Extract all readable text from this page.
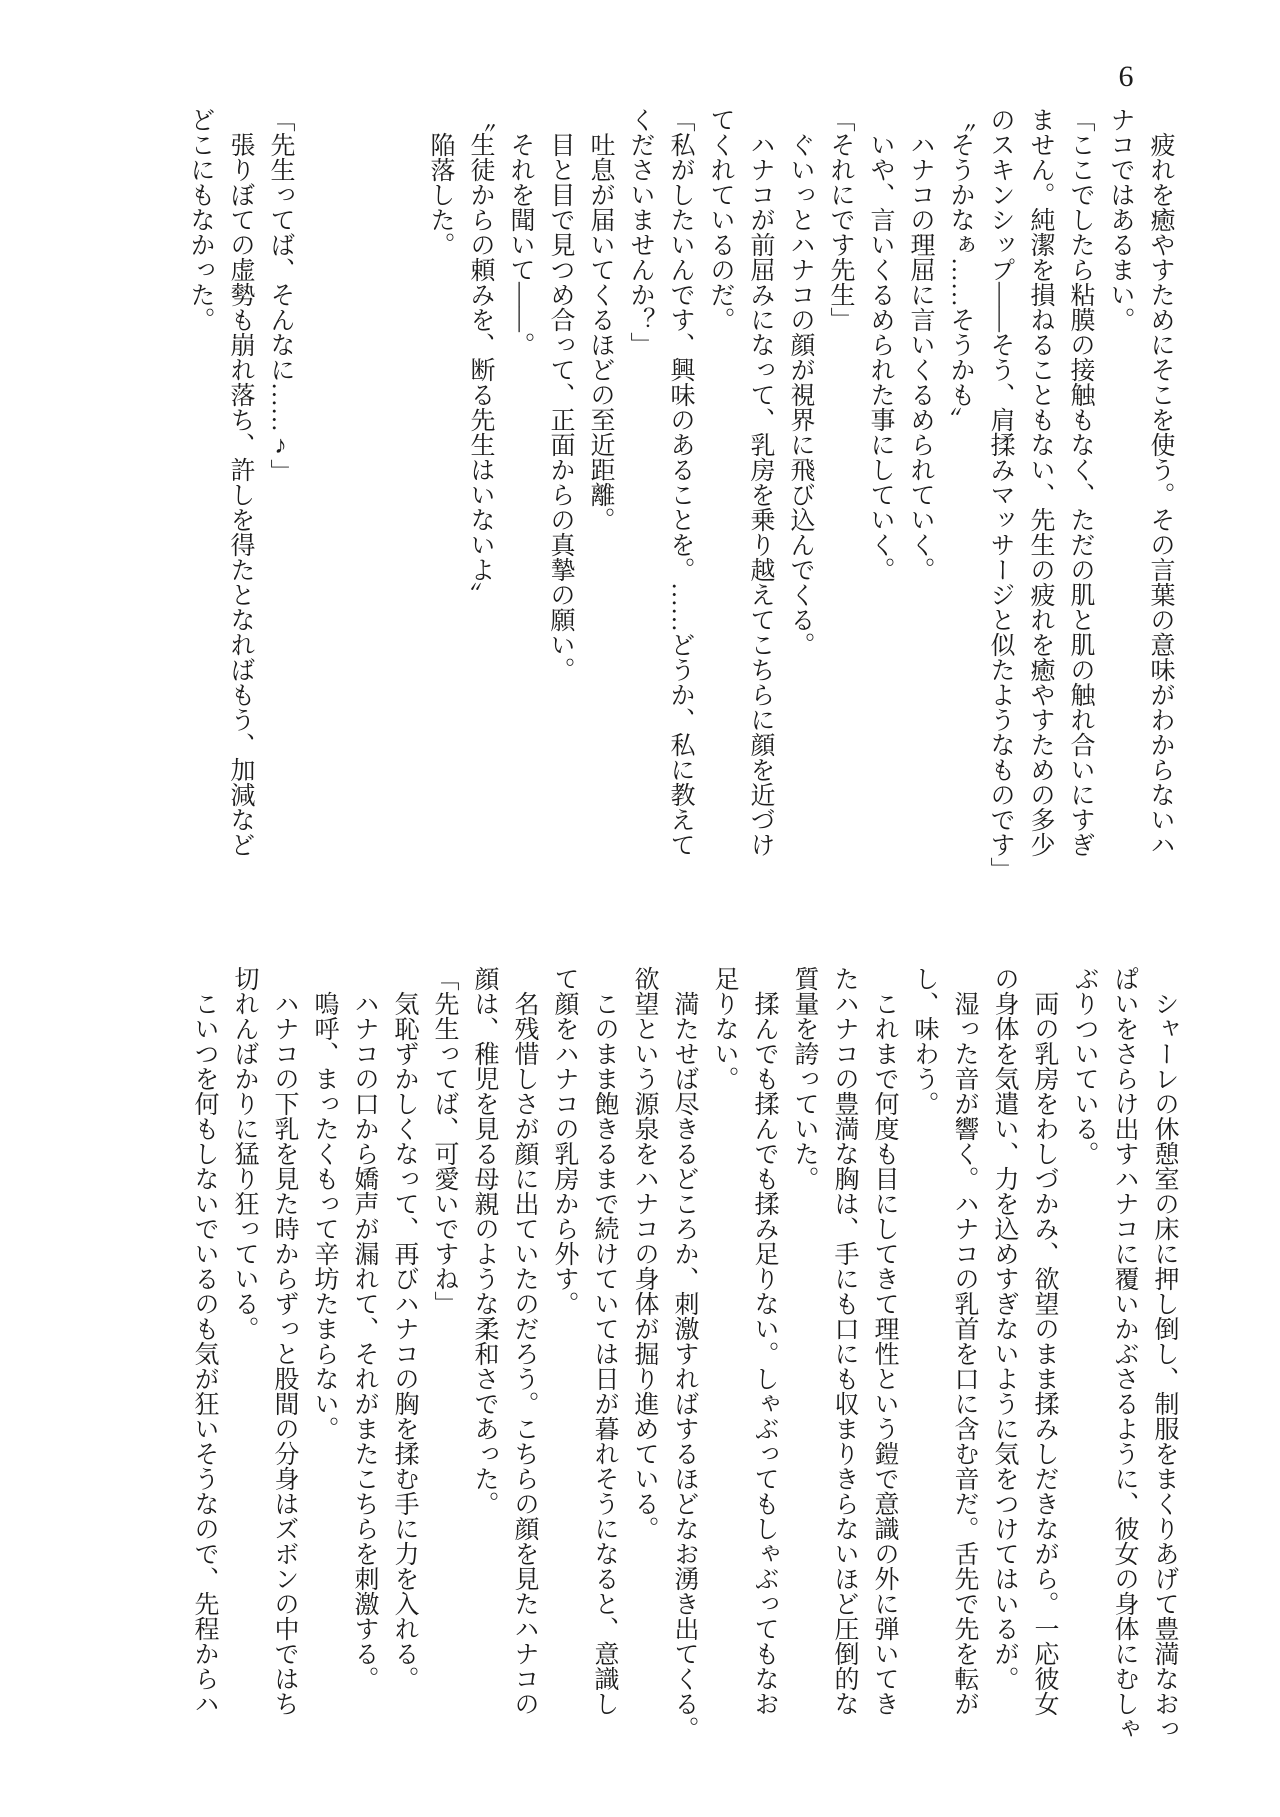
6

疲れを癒やすためにそこを使う。その言葉の意味がわからないハ

ナコではあるまい。

「ここでしたら粘膜の接触もなく、ただの肌と肌の触れ合いにすぎ

ません。純潔を損ねることもない、先生の疲れを癒やすための多少

のスキンシップ――そう、肩揉みマッサージと似たようなものです」

〝そうかなぁ……そうかも〟

ハナコの理屈に言いくるめられていく。

いや、言いくるめられた事にしていく。

「それにです先生」

ぐいっとハナコの顔が視界に飛び込んでくる。

ハナコが前屈みになって、乳房を乗り越えてこちらに顔を近づけ

てくれているのだ。

「私がしたいんです、興味のあることを。……どうか、私に教えて

くださいませんか？」

吐息が届いてくるほどの至近距離。

目と目で見つめ合って、正面からの真摯の願い。

それを聞いて――。

〝生徒からの頼みを、断る先生はいないよ〟

陥落した。

「先生ってば、そんなに……♪」

張りぼての虚勢も崩れ落ち、許しを得たとなればもう、加減など

どこにもなかった。

シャーレの休憩室の床に押し倒し、制服をまくりあげて豊満なおっ

ぱいをさらけ出すハナコに覆いかぶさるように、彼女の身体にむしゃ

ぶりついている。

両の乳房をわしづかみ、欲望のまま揉みしだきながら。一応彼女

の身体を気遣い、力を込めすぎないように気をつけてはいるが。

湿った音が響く。ハナコの乳首を口に含む音だ。舌先で先を転が

し、味わう。

これまで何度も目にしてきて理性という鎧で意識の外に弾いてき

たハナコの豊満な胸は、手にも口にも収まりきらないほど圧倒的な

質量を誇っていた。

揉んでも揉んでも揉み足りない。しゃぶってもしゃぶってもなお

足りない。

満たせば尽きるどころか、刺激すればするほどなお湧き出てくる。

欲望という源泉をハナコの身体が掘り進めている。

このまま飽きるまで続けていては日が暮れそうになると、意識し

て顔をハナコの乳房から外す。

名残惜しさが顔に出ていたのだろう。こちらの顔を見たハナコの

顔は、稚児を見る母親のような柔和さであった。

「先生ってば、可愛いですね」

気恥ずかしくなって、再びハナコの胸を揉む手に力を入れる。

ハナコの口から嬌声が漏れて、それがまたこちらを刺激する。

嗚呼、まったくもって辛坊たまらない。

ハナコの下乳を見た時からずっと股間の分身はズボンの中ではち

切れんばかりに猛り狂っている。

こいつを何もしないでいるのも気が狂いそうなので、先程からハ
